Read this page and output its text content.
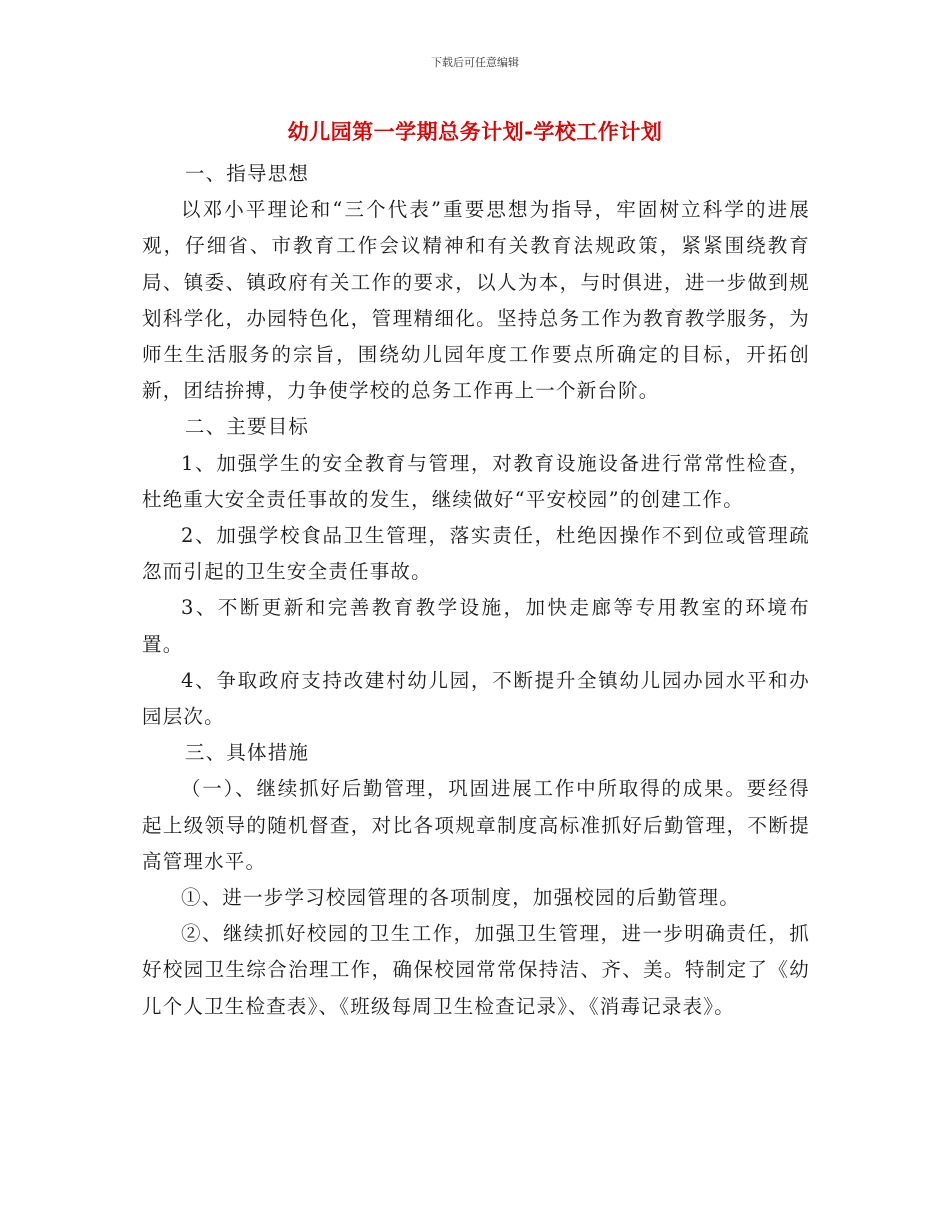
下载后可任意编辑
幼儿园第一学期总务计划-学校工作计划

一、指导思想

以邓小平理论和“三个代表”重要思想为指导，牢固树立科学的进展观，仔细省、市教育工作会议精神和有关教育法规政策，紧紧围绕教育局、镇委、镇政府有关工作的要求，以人为本，与时俱进，进一步做到规划科学化，办园特色化，管理精细化。坚持总务工作为教育教学服务，为师生生活服务的宗旨，围绕幼儿园年度工作要点所确定的目标，开拓创新，团结拚搏，力争使学校的总务工作再上一个新台阶。

二、主要目标

1、加强学生的安全教育与管理，对教育设施设备进行常常性检查，杜绝重大安全责任事故的发生，继续做好“平安校园”的创建工作。

2、加强学校食品卫生管理，落实责任，杜绝因操作不到位或管理疏忽而引起的卫生安全责任事故。

3、不断更新和完善教育教学设施，加快走廊等专用教室的环境布置。

4、争取政府支持改建村幼儿园，不断提升全镇幼儿园办园水平和办园层次。

三、具体措施

（一）、继续抓好后勤管理，巩固进展工作中所取得的成果。要经得起上级领导的随机督查，对比各项规章制度高标准抓好后勤管理，不断提高管理水平。

①、进一步学习校园管理的各项制度，加强校园的后勤管理。

②、继续抓好校园的卫生工作，加强卫生管理，进一步明确责任，抓好校园卫生综合治理工作，确保校园常常保持洁、齐、美。特制定了《幼儿个人卫生检查表》、《班级每周卫生检查记录》、《消毒记录表》。
